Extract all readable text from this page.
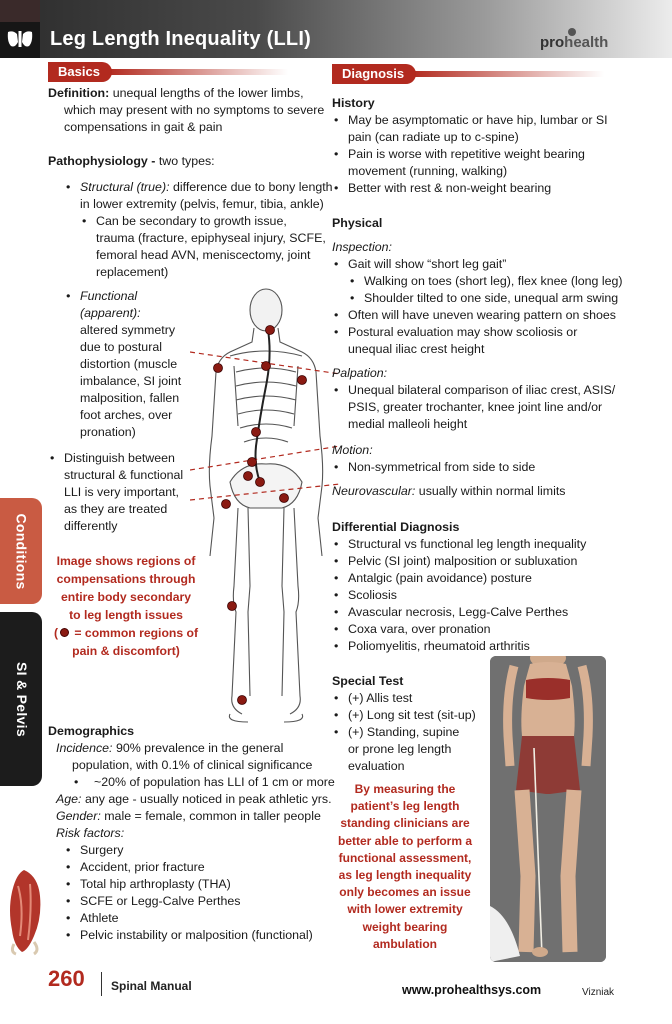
Leg Length Inequality (LLI)	prohealth
Conditions
SI & Pelvis
Basics
Definition: unequal lengths of the lower limbs,
which may present with no symptoms to severe
compensations in gait & pain
Pathophysiology - two types:
• Structural (true): difference due to bony length
in lower extremity (pelvis, femur, tibia, ankle)
• Can be secondary to growth issue,
trauma (fracture, epiphyseal injury, SCFE,
femoral head AVN, meniscectomy, joint
replacement)
• Functional
(apparent):
altered symmetry
due to postural
distortion (muscle
imbalance, SI joint
malposition, fallen
foot arches, over
pronation)
• Distinguish between
structural & functional
LLI is very important,
as they are treated
differently
Image shows regions of
compensations through
entire body secondary
to leg length issues
( = common regions of
pain & discomfort)
Demographics
Incidence: 90% prevalence in the general
population, with 0.1% of clinical significance
• ~20% of population has LLI of 1 cm or more
Age: any age - usually noticed in peak athletic yrs.
Gender: male = female, common in taller people
Risk factors:
• Surgery
• Accident, prior fracture
• Total hip arthroplasty (THA)
• SCFE or Legg-Calve Perthes
• Athlete
• Pelvic instability or malposition (functional)
Diagnosis
History
• May be asymptomatic or have hip, lumbar or SI
pain (can radiate up to c-spine)
• Pain is worse with repetitive weight bearing
movement (running, walking)
• Better with rest & non-weight bearing
Physical
Inspection:
• Gait will show “short leg gait”
• Walking on toes (short leg), flex knee (long leg)
• Shoulder tilted to one side, unequal arm swing
• Often will have uneven wearing pattern on shoes
• Postural evaluation may show scoliosis or
unequal iliac crest height
Palpation:
• Unequal bilateral comparison of iliac crest, ASIS/
PSIS, greater trochanter, knee joint line and/or
medial malleoli height
Motion:
• Non-symmetrical from side to side
Neurovascular: usually within normal limits
Differential Diagnosis
• Structural vs functional leg length inequality
• Pelvic (SI joint) malposition or subluxation
• Antalgic (pain avoidance) posture
• Scoliosis
• Avascular necrosis, Legg-Calve Perthes
• Coxa vara, over pronation
• Poliomyelitis, rheumatoid arthritis
Special Test
• (+) Allis test
• (+) Long sit test (sit-up)
• (+) Standing, supine
or prone leg length
evaluation
By measuring the
patient’s leg length
standing clinicians are
better able to perform a
functional assessment,
as leg length inequality
only becomes an issue
with lower extremity
weight bearing
ambulation
260 Spinal Manual	www.prohealthsys.com	Vizniak
